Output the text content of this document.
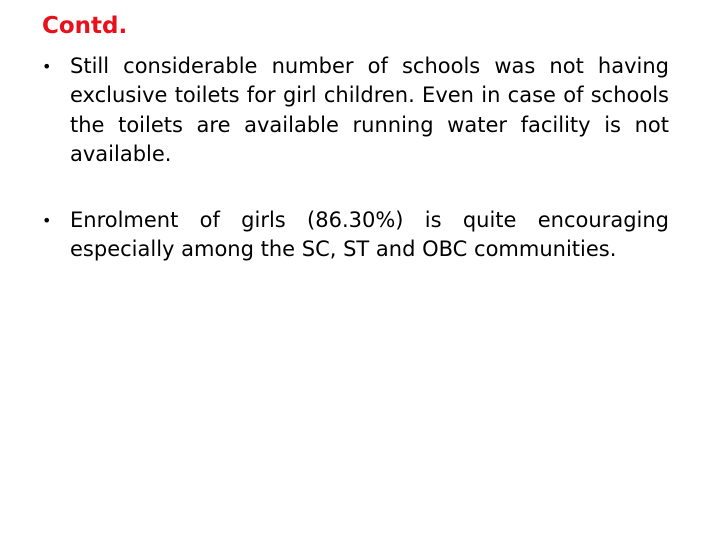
Contd.
• Still considerable number of schools was not having exclusive toilets for girl children. Even in case of schools the toilets are available running water facility is not available.
• Enrolment of girls (86.30%) is quite encouraging especially among the SC, ST and OBC communities.
